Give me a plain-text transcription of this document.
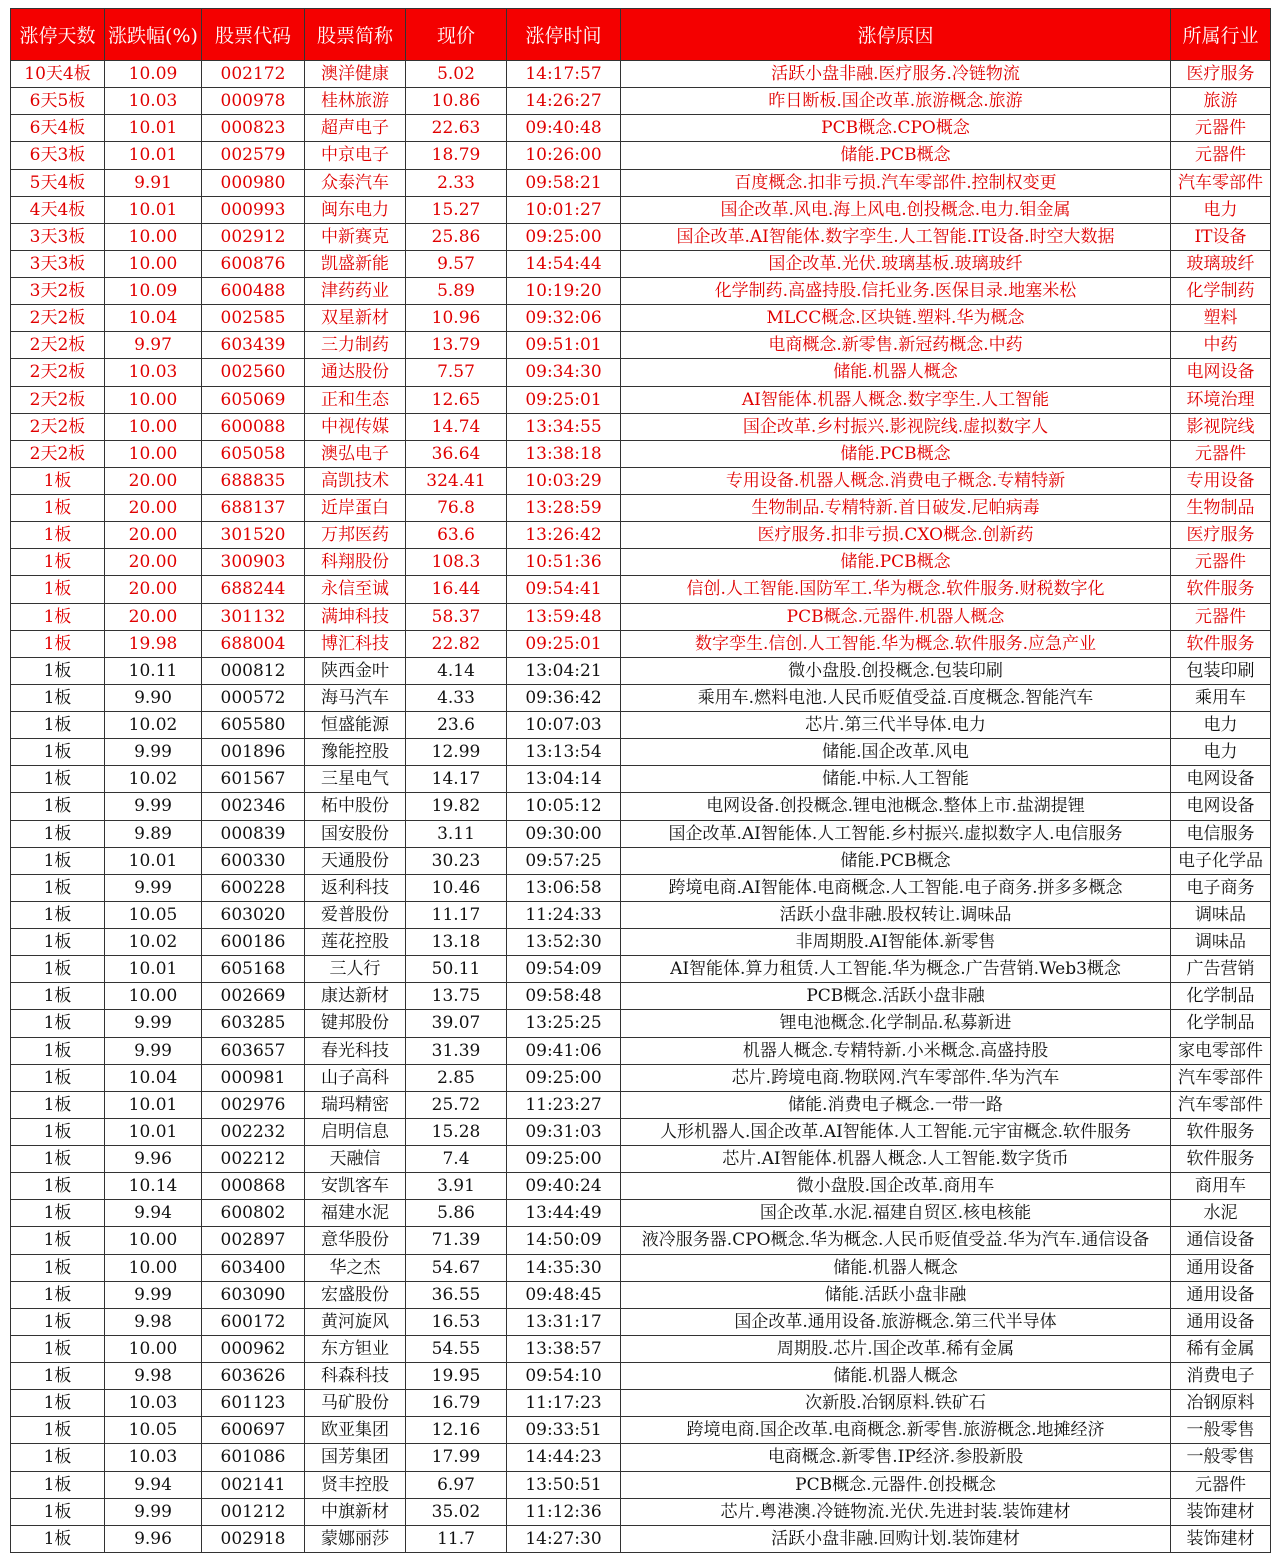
涨停天数	涨跌幅(%)	股票代码	股票简称	现价	涨停时间	涨停原因	所属行业
10天4板	10.09	002172	澳洋健康	5.02	14:17:57	活跃小盘非融.医疗服务.冷链物流	医疗服务
6天5板	10.03	000978	桂林旅游	10.86	14:26:27	昨日断板.国企改革.旅游概念.旅游	旅游
6天4板	10.01	000823	超声电子	22.63	09:40:48	PCB概念.CPO概念	元器件
6天3板	10.01	002579	中京电子	18.79	10:26:00	储能.PCB概念	元器件
5天4板	9.91	000980	众泰汽车	2.33	09:58:21	百度概念.扣非亏损.汽车零部件.控制权变更	汽车零部件
4天4板	10.01	000993	闽东电力	15.27	10:01:27	国企改革.风电.海上风电.创投概念.电力.钼金属	电力
3天3板	10.00	002912	中新赛克	25.86	09:25:00	国企改革.AI智能体.数字孪生.人工智能.IT设备.时空大数据	IT设备
3天3板	10.00	600876	凯盛新能	9.57	14:54:44	国企改革.光伏.玻璃基板.玻璃玻纤	玻璃玻纤
3天2板	10.09	600488	津药药业	5.89	10:19:20	化学制药.高盛持股.信托业务.医保目录.地塞米松	化学制药
2天2板	10.04	002585	双星新材	10.96	09:32:06	MLCC概念.区块链.塑料.华为概念	塑料
2天2板	9.97	603439	三力制药	13.79	09:51:01	电商概念.新零售.新冠药概念.中药	中药
2天2板	10.03	002560	通达股份	7.57	09:34:30	储能.机器人概念	电网设备
2天2板	10.00	605069	正和生态	12.65	09:25:01	AI智能体.机器人概念.数字孪生.人工智能	环境治理
2天2板	10.00	600088	中视传媒	14.74	13:34:55	国企改革.乡村振兴.影视院线.虚拟数字人	影视院线
2天2板	10.00	605058	澳弘电子	36.64	13:38:18	储能.PCB概念	元器件
1板	20.00	688835	高凯技术	324.41	10:03:29	专用设备.机器人概念.消费电子概念.专精特新	专用设备
1板	20.00	688137	近岸蛋白	76.8	13:28:59	生物制品.专精特新.首日破发.尼帕病毒	生物制品
1板	20.00	301520	万邦医药	63.6	13:26:42	医疗服务.扣非亏损.CXO概念.创新药	医疗服务
1板	20.00	300903	科翔股份	108.3	10:51:36	储能.PCB概念	元器件
1板	20.00	688244	永信至诚	16.44	09:54:41	信创.人工智能.国防军工.华为概念.软件服务.财税数字化	软件服务
1板	20.00	301132	满坤科技	58.37	13:59:48	PCB概念.元器件.机器人概念	元器件
1板	19.98	688004	博汇科技	22.82	09:25:01	数字孪生.信创.人工智能.华为概念.软件服务.应急产业	软件服务
1板	10.11	000812	陕西金叶	4.14	13:04:21	微小盘股.创投概念.包装印刷	包装印刷
1板	9.90	000572	海马汽车	4.33	09:36:42	乘用车.燃料电池.人民币贬值受益.百度概念.智能汽车	乘用车
1板	10.02	605580	恒盛能源	23.6	10:07:03	芯片.第三代半导体.电力	电力
1板	9.99	001896	豫能控股	12.99	13:13:54	储能.国企改革.风电	电力
1板	10.02	601567	三星电气	14.17	13:04:14	储能.中标.人工智能	电网设备
1板	9.99	002346	柘中股份	19.82	10:05:12	电网设备.创投概念.锂电池概念.整体上市.盐湖提锂	电网设备
1板	9.89	000839	国安股份	3.11	09:30:00	国企改革.AI智能体.人工智能.乡村振兴.虚拟数字人.电信服务	电信服务
1板	10.01	600330	天通股份	30.23	09:57:25	储能.PCB概念	电子化学品
1板	9.99	600228	返利科技	10.46	13:06:58	跨境电商.AI智能体.电商概念.人工智能.电子商务.拼多多概念	电子商务
1板	10.05	603020	爱普股份	11.17	11:24:33	活跃小盘非融.股权转让.调味品	调味品
1板	10.02	600186	莲花控股	13.18	13:52:30	非周期股.AI智能体.新零售	调味品
1板	10.01	605168	三人行	50.11	09:54:09	AI智能体.算力租赁.人工智能.华为概念.广告营销.Web3概念	广告营销
1板	10.00	002669	康达新材	13.75	09:58:48	PCB概念.活跃小盘非融	化学制品
1板	9.99	603285	键邦股份	39.07	13:25:25	锂电池概念.化学制品.私募新进	化学制品
1板	9.99	603657	春光科技	31.39	09:41:06	机器人概念.专精特新.小米概念.高盛持股	家电零部件
1板	10.04	000981	山子高科	2.85	09:25:00	芯片.跨境电商.物联网.汽车零部件.华为汽车	汽车零部件
1板	10.01	002976	瑞玛精密	25.72	11:23:27	储能.消费电子概念.一带一路	汽车零部件
1板	10.01	002232	启明信息	15.28	09:31:03	人形机器人.国企改革.AI智能体.人工智能.元宇宙概念.软件服务	软件服务
1板	9.96	002212	天融信	7.4	09:25:00	芯片.AI智能体.机器人概念.人工智能.数字货币	软件服务
1板	10.14	000868	安凯客车	3.91	09:40:24	微小盘股.国企改革.商用车	商用车
1板	9.94	600802	福建水泥	5.86	13:44:49	国企改革.水泥.福建自贸区.核电核能	水泥
1板	10.00	002897	意华股份	71.39	14:50:09	液冷服务器.CPO概念.华为概念.人民币贬值受益.华为汽车.通信设备	通信设备
1板	10.00	603400	华之杰	54.67	14:35:30	储能.机器人概念	通用设备
1板	9.99	603090	宏盛股份	36.55	09:48:45	储能.活跃小盘非融	通用设备
1板	9.98	600172	黄河旋风	16.53	13:31:17	国企改革.通用设备.旅游概念.第三代半导体	通用设备
1板	10.00	000962	东方钽业	54.55	13:38:57	周期股.芯片.国企改革.稀有金属	稀有金属
1板	9.98	603626	科森科技	19.95	09:54:10	储能.机器人概念	消费电子
1板	10.03	601123	马矿股份	16.79	11:17:23	次新股.冶钢原料.铁矿石	冶钢原料
1板	10.05	600697	欧亚集团	12.16	09:33:51	跨境电商.国企改革.电商概念.新零售.旅游概念.地摊经济	一般零售
1板	10.03	601086	国芳集团	17.99	14:44:23	电商概念.新零售.IP经济.参股新股	一般零售
1板	9.94	002141	贤丰控股	6.97	13:50:51	PCB概念.元器件.创投概念	元器件
1板	9.99	001212	中旗新材	35.02	11:12:36	芯片.粤港澳.冷链物流.光伏.先进封装.装饰建材	装饰建材
1板	9.96	002918	蒙娜丽莎	11.7	14:27:30	活跃小盘非融.回购计划.装饰建材	装饰建材
